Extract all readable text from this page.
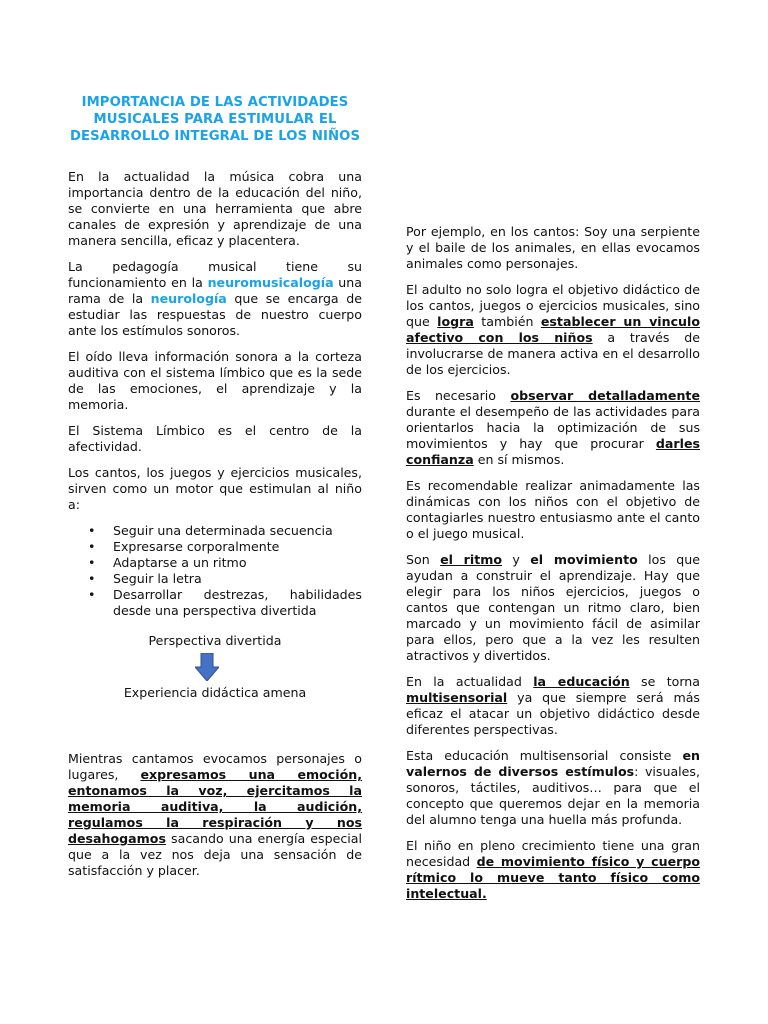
IMPORTANCIA DE LAS ACTIVIDADES MUSICALES PARA ESTIMULAR EL DESARROLLO INTEGRAL DE LOS NIÑOS

En la actualidad la música cobra una importancia dentro de la educación del niño, se convierte en una herramienta que abre canales de expresión y aprendizaje de una manera sencilla, eficaz y placentera.

La pedagogía musical tiene su funcionamiento en la neuromusicalogía una rama de la neurología que se encarga de estudiar las respuestas de nuestro cuerpo ante los estímulos sonoros.

El oído lleva información sonora a la corteza auditiva con el sistema límbico que es la sede de las emociones, el aprendizaje y la memoria.

El Sistema Límbico es el centro de la afectividad.

Los cantos, los juegos y ejercicios musicales, sirven como un motor que estimulan al niño a:

• Seguir una determinada secuencia
• Expresarse corporalmente
• Adaptarse a un ritmo
• Seguir la letra
• Desarrollar destrezas, habilidades desde una perspectiva divertida
Perspectiva divertida
Experiencia didáctica amena

Mientras cantamos evocamos personajes o lugares, expresamos una emoción, entonamos la voz, ejercitamos la memoria auditiva, la audición, regulamos la respiración y nos desahogamos sacando una energía especial que a la vez nos deja una sensación de satisfacción y placer.

Por ejemplo, en los cantos: Soy una serpiente y el baile de los animales, en ellas evocamos animales como personajes.

El adulto no solo logra el objetivo didáctico de los cantos, juegos o ejercicios musicales, sino que logra también establecer un vinculo afectivo con los niños a través de involucrarse de manera activa en el desarrollo de los ejercicios.

Es necesario observar detalladamente durante el desempeño de las actividades para orientarlos hacia la optimización de sus movimientos y hay que procurar darles confianza en sí mismos.

Es recomendable realizar animadamente las dinámicas con los niños con el objetivo de contagiarles nuestro entusiasmo ante el canto o el juego musical.

Son el ritmo y el movimiento los que ayudan a construir el aprendizaje. Hay que elegir para los niños ejercicios, juegos o cantos que contengan un ritmo claro, bien marcado y un movimiento fácil de asimilar para ellos, pero que a la vez les resulten atractivos y divertidos.

En la actualidad la educación se torna multisensorial ya que siempre será más eficaz el atacar un objetivo didáctico desde diferentes perspectivas.

Esta educación multisensorial consiste en valernos de diversos estímulos: visuales, sonoros, táctiles, auditivos… para que el concepto que queremos dejar en la memoria del alumno tenga una huella más profunda.

El niño en pleno crecimiento tiene una gran necesidad de movimiento físico y cuerpo rítmico lo mueve tanto físico como intelectual.
